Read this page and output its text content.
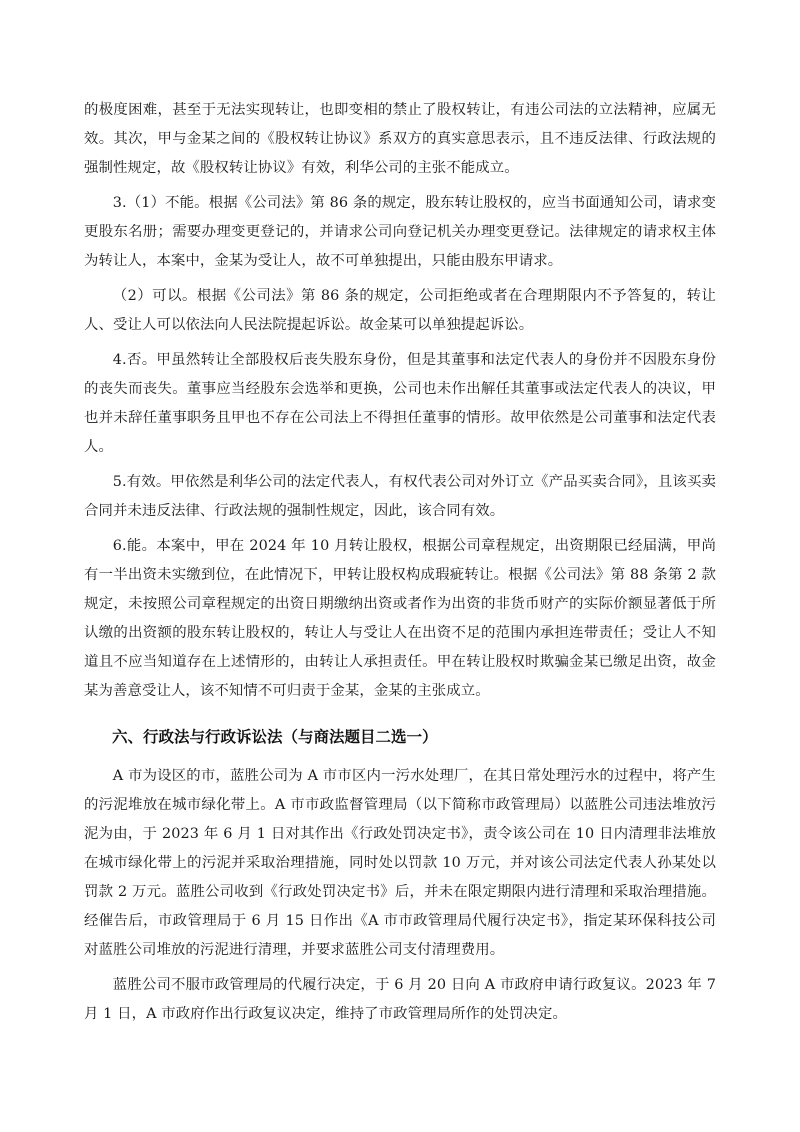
的极度困难，甚至于无法实现转让，也即变相的禁止了股权转让，有违公司法的立法精神，应属无效。其次，甲与金某之间的《股权转让协议》系双方的真实意思表示，且不违反法律、行政法规的强制性规定，故《股权转让协议》有效，利华公司的主张不能成立。

3.（1）不能。根据《公司法》第 86 条的规定，股东转让股权的，应当书面通知公司，请求变更股东名册；需要办理变更登记的，并请求公司向登记机关办理变更登记。法律规定的请求权主体为转让人，本案中，金某为受让人，故不可单独提出，只能由股东甲请求。

（2）可以。根据《公司法》第 86 条的规定，公司拒绝或者在合理期限内不予答复的，转让人、受让人可以依法向人民法院提起诉讼。故金某可以单独提起诉讼。

4.否。甲虽然转让全部股权后丧失股东身份，但是其董事和法定代表人的身份并不因股东身份的丧失而丧失。董事应当经股东会选举和更换，公司也未作出解任其董事或法定代表人的决议，甲也并未辞任董事职务且甲也不存在公司法上不得担任董事的情形。故甲依然是公司董事和法定代表人。

5.有效。甲依然是利华公司的法定代表人，有权代表公司对外订立《产品买卖合同》，且该买卖合同并未违反法律、行政法规的强制性规定，因此，该合同有效。

6.能。本案中，甲在 2024 年 10 月转让股权，根据公司章程规定，出资期限已经届满，甲尚有一半出资未实缴到位，在此情况下，甲转让股权构成瑕疵转让。根据《公司法》第 88 条第 2 款规定，未按照公司章程规定的出资日期缴纳出资或者作为出资的非货币财产的实际价额显著低于所认缴的出资额的股东转让股权的，转让人与受让人在出资不足的范围内承担连带责任；受让人不知道且不应当知道存在上述情形的，由转让人承担责任。甲在转让股权时欺骗金某已缴足出资，故金某为善意受让人，该不知情不可归责于金某，金某的主张成立。

六、行政法与行政诉讼法（与商法题目二选一）

A 市为设区的市，蓝胜公司为 A 市市区内一污水处理厂，在其日常处理污水的过程中，将产生的污泥堆放在城市绿化带上。A 市市政监督管理局（以下简称市政管理局）以蓝胜公司违法堆放污泥为由，于 2023 年 6 月 1 日对其作出《行政处罚决定书》，责令该公司在 10 日内清理非法堆放在城市绿化带上的污泥并采取治理措施，同时处以罚款 10 万元，并对该公司法定代表人孙某处以罚款 2 万元。蓝胜公司收到《行政处罚决定书》后，并未在限定期限内进行清理和采取治理措施。经催告后，市政管理局于 6 月 15 日作出《A 市市政管理局代履行决定书》，指定某环保科技公司对蓝胜公司堆放的污泥进行清理，并要求蓝胜公司支付清理费用。

蓝胜公司不服市政管理局的代履行决定，于 6 月 20 日向 A 市政府申请行政复议。2023 年 7 月 1 日，A 市政府作出行政复议决定，维持了市政管理局所作的处罚决定。
